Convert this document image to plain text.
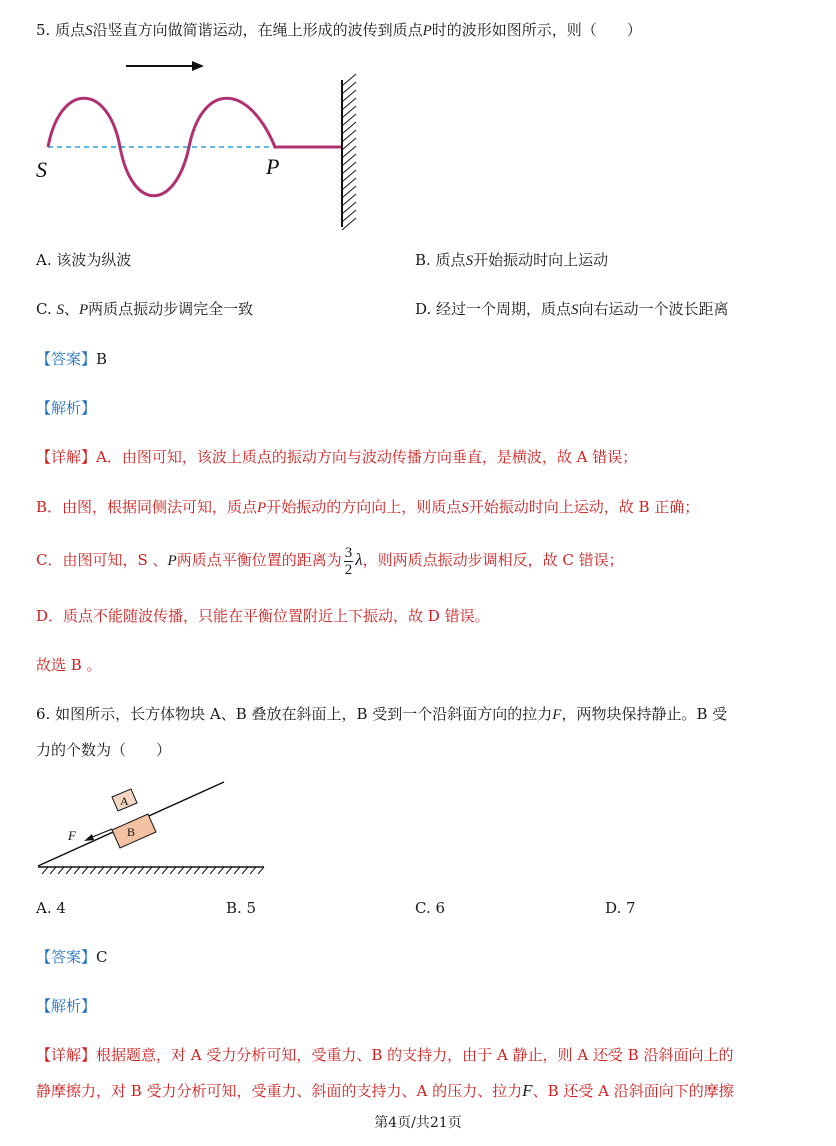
5. 质点S沿竖直方向做简谐运动，在绳上形成的波传到质点P时的波形如图所示，则（　　）
S	P
A. 该波为纵波	B. 质点S开始振动时向上运动
C. S、P两质点振动步调完全一致	D. 经过一个周期，质点S向右运动一个波长距离
【答案】B
【解析】
【详解】A．由图可知，该波上质点的振动方向与波动传播方向垂直，是横波，故 A 错误；
B．由图，根据同侧法可知，质点P开始振动的方向向上，则质点S开始振动时向上运动，故 B 正确；
C．由图可知，S 、P两质点平衡位置的距离为 $\frac{3}{2}$ λ，则两质点振动步调相反，故 C 错误；
D．质点不能随波传播，只能在平衡位置附近上下振动，故 D 错误。
故选 B 。
6. 如图所示，长方体物块 A、B 叠放在斜面上，B 受到一个沿斜面方向的拉力F，两物块保持静止。B 受
力的个数为（　　）
A
B
F
A. 4	B. 5	C. 6	D. 7
【答案】C
【解析】
【详解】根据题意，对 A 受力分析可知，受重力、B 的支持力，由于 A 静止，则 A 还受 B 沿斜面向上的
静摩擦力，对 B 受力分析可知，受重力、斜面的支持力、A 的压力、拉力F、B 还受 A 沿斜面向下的摩擦
第4页/共21页
